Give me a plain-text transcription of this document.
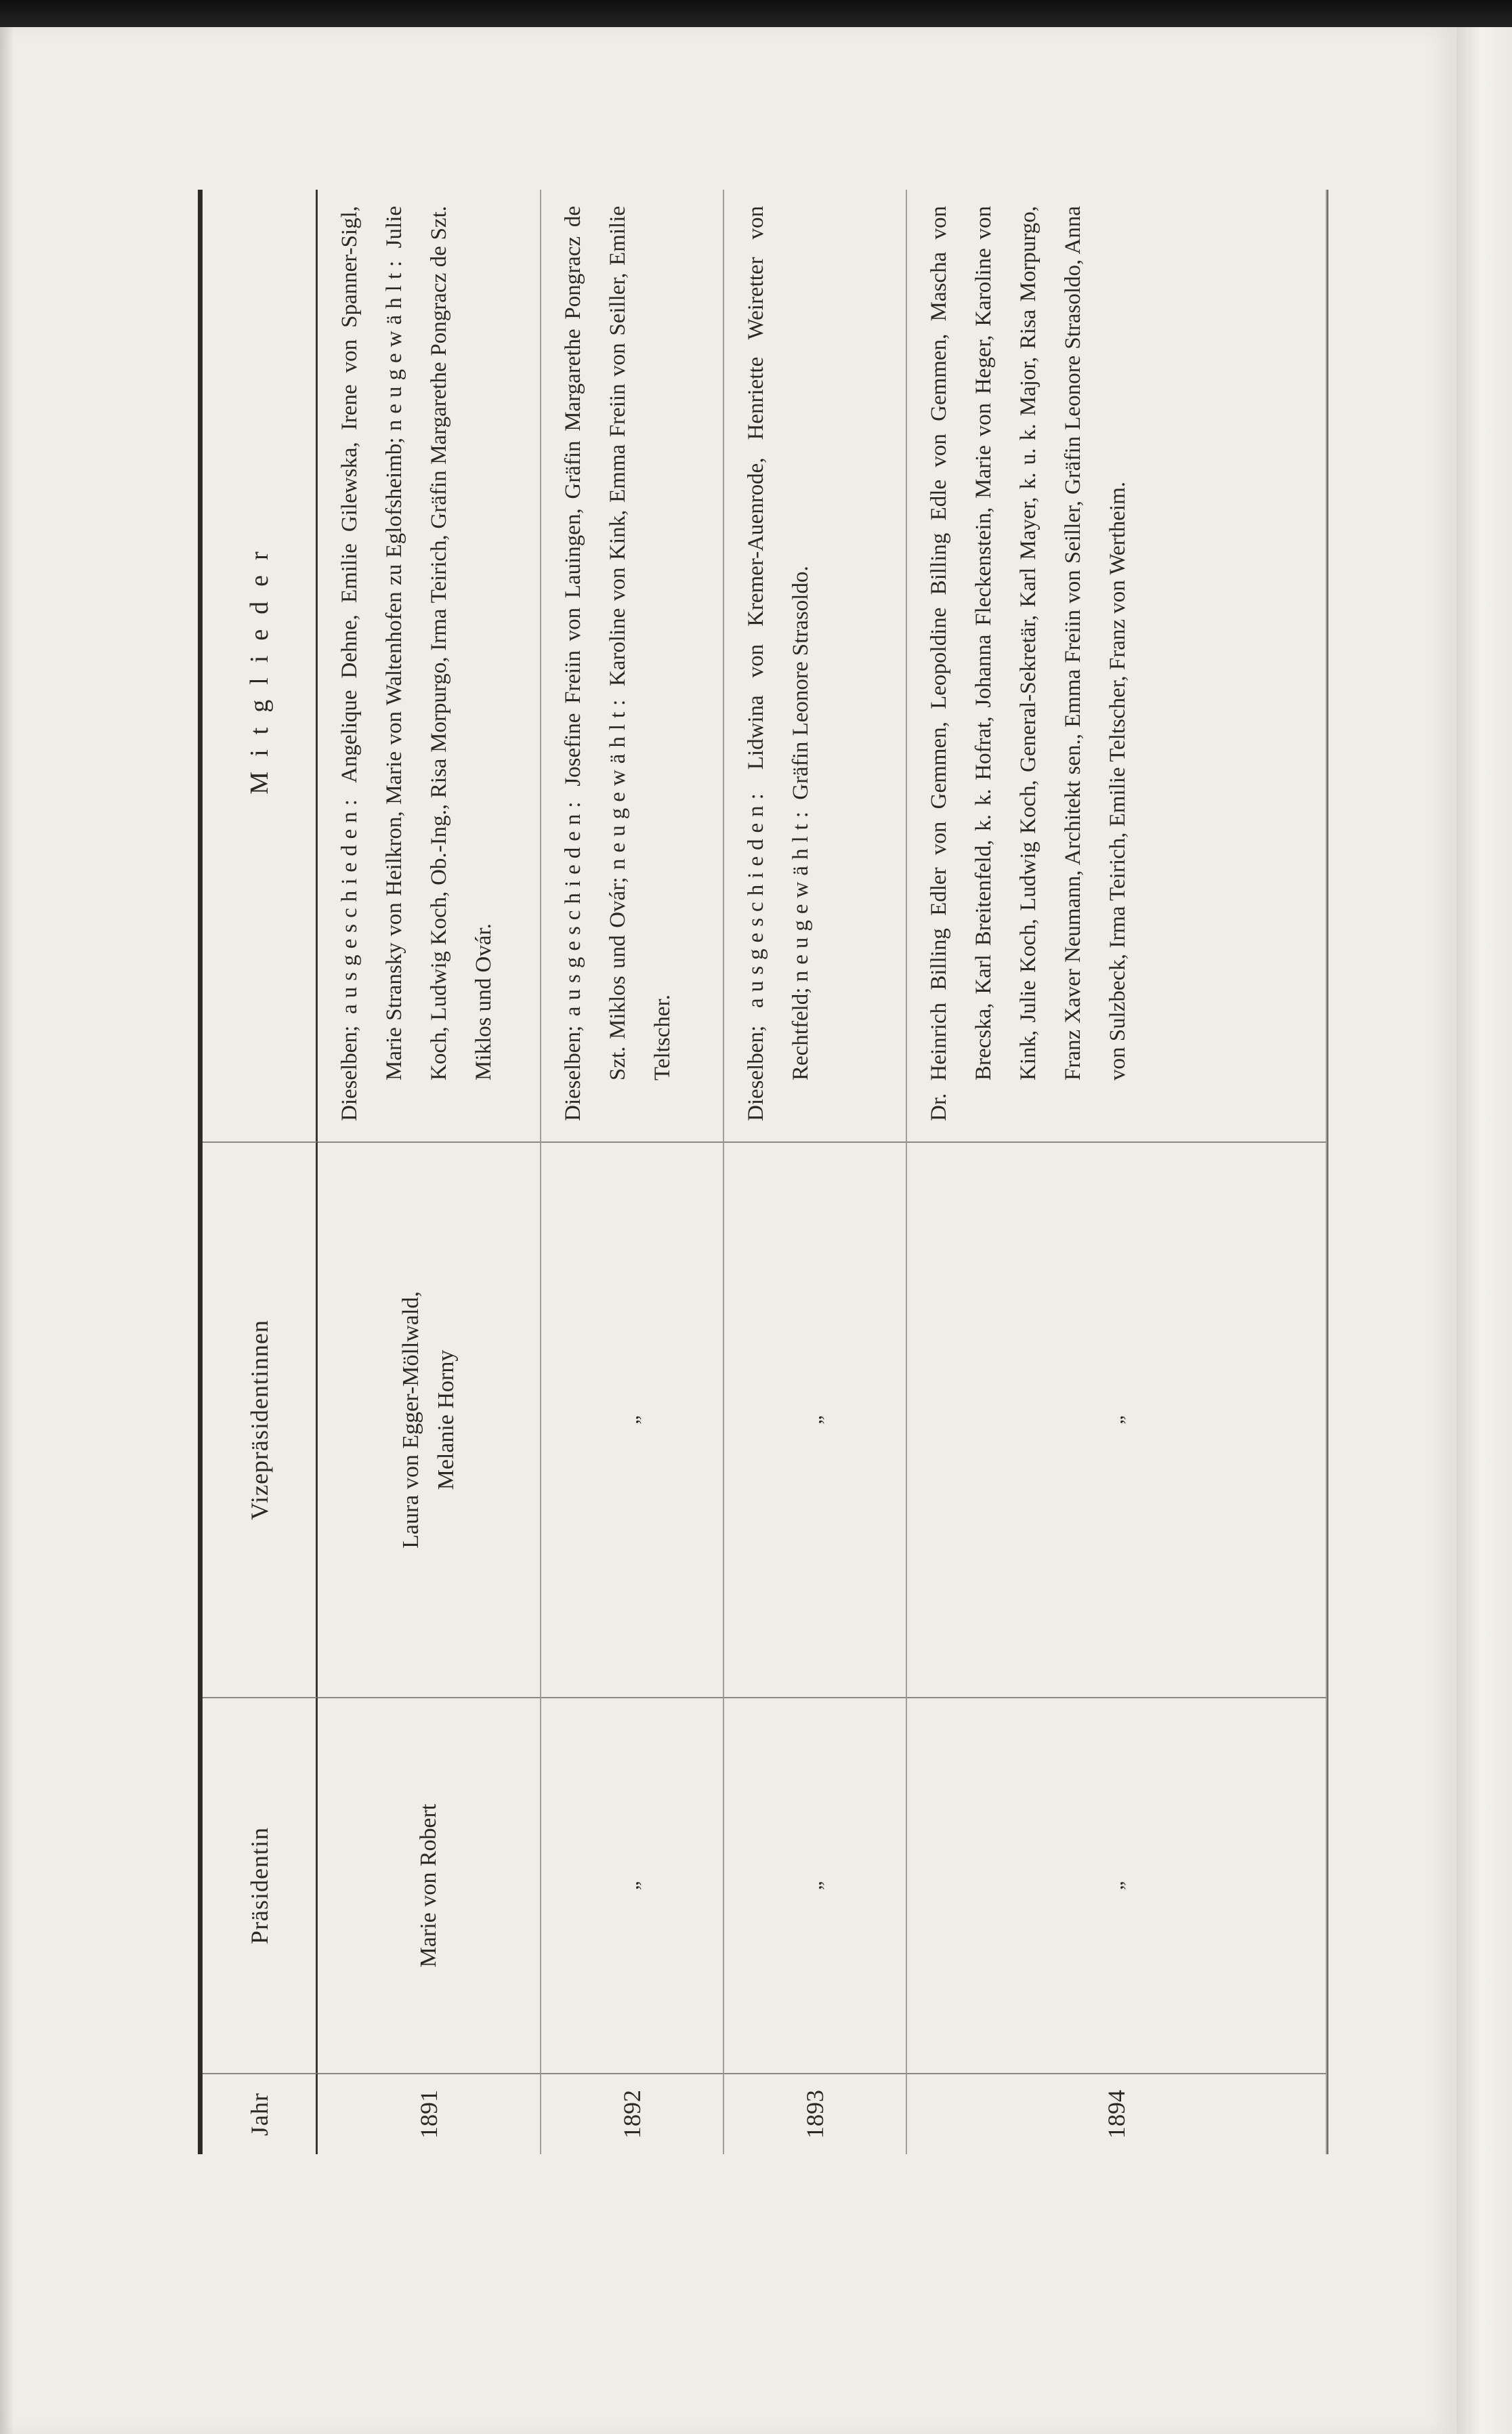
Jahr
Präsidentin
Vizepräsidentinnen
Mitglieder
1891
Marie von Robert
Laura von Egger-Möllwald, Melanie Horny

Dieselben; ausgeschieden: Angelique Dehne, Emilie Gilewska, Irene von Spanner-Sigl, Marie Stransky von Heilkron, Marie von Waltenhofen zu Eglofsheimb; neugewählt: Julie Koch, Ludwig Koch, Ob.-Ing., Risa Morpurgo, Irma Teirich, Gräfin Margarethe Pongracz de Szt. Miklos und Ovár.

1892
„
„

Dieselben; ausgeschieden: Josefine Freiin von Lauingen, Gräfin Margarethe Pongracz de Szt. Miklos und Ovár; neugewählt: Karoline von Kink, Emma Freiin von Seiller, Emilie Teltscher.

1893
„
„

Dieselben; ausgeschieden: Lidwina von Kremer-Auenrode, Henriette Weiretter von Rechtfeld; neugewählt: Gräfin Leonore Strasoldo.

1894
„
„

Dr. Heinrich Billing Edler von Gemmen, Leopoldine Billing Edle von Gemmen, Mascha von Brecska, Karl Breitenfeld, k. k. Hofrat, Johanna Fleckenstein, Marie von Heger, Karoline von Kink, Julie Koch, Ludwig Koch, General-Sekretär, Karl Mayer, k. u. k. Major, Risa Morpurgo, Franz Xaver Neumann, Architekt sen., Emma Freiin von Seiller, Gräfin Leonore Strasoldo, Anna von Sulzbeck, Irma Teirich, Emilie Teltscher, Franz von Wertheim.
